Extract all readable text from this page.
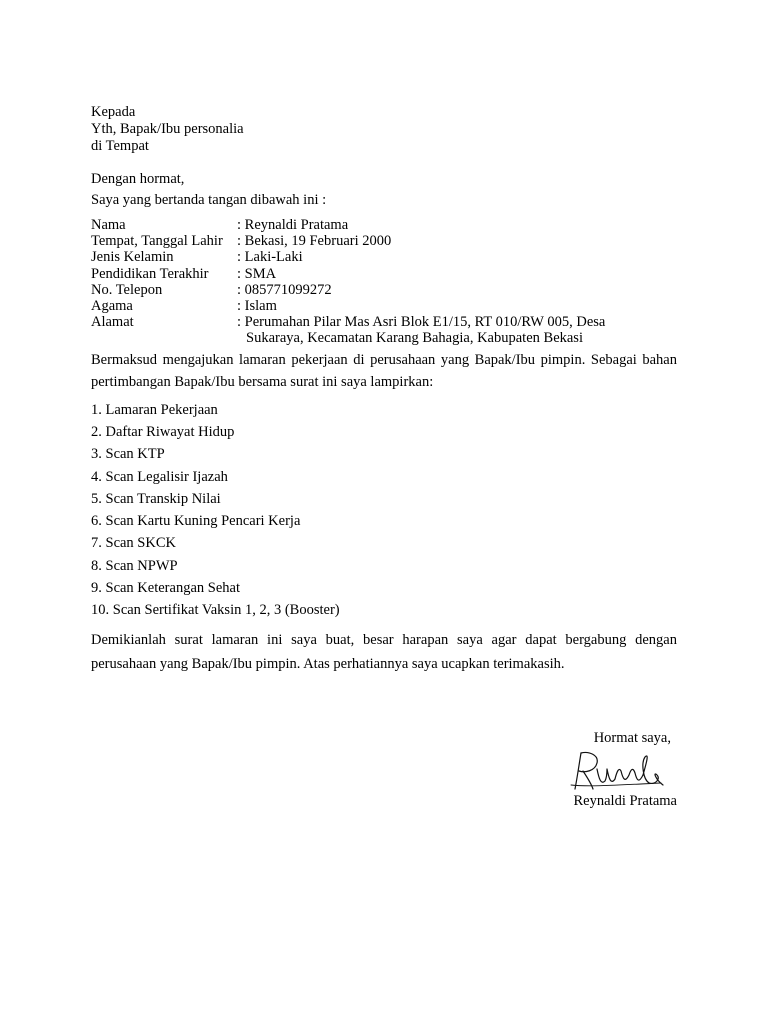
Kepada
Yth, Bapak/Ibu personalia
di Tempat
Dengan hormat,
Saya yang bertanda tangan dibawah ini :
Nama	: Reynaldi Pratama
Tempat, Tanggal Lahir	: Bekasi, 19 Februari 2000
Jenis Kelamin	: Laki-Laki
Pendidikan Terakhir	: SMA
No. Telepon	: 085771099272
Agama	: Islam
Alamat	: Perumahan Pilar Mas Asri Blok E1/15, RT 010/RW 005, Desa
Sukaraya, Kecamatan Karang Bahagia, Kabupaten Bekasi

Bermaksud mengajukan lamaran pekerjaan di perusahaan yang Bapak/Ibu pimpin. Sebagai bahan pertimbangan Bapak/Ibu bersama surat ini saya lampirkan:

1. Lamaran Pekerjaan
2. Daftar Riwayat Hidup
3. Scan KTP
4. Scan Legalisir Ijazah
5. Scan Transkip Nilai
6. Scan Kartu Kuning Pencari Kerja
7. Scan SKCK
8. Scan NPWP
9. Scan Keterangan Sehat
10. Scan Sertifikat Vaksin 1, 2, 3 (Booster)

Demikianlah surat lamaran ini saya buat, besar harapan saya agar dapat bergabung dengan perusahaan yang Bapak/Ibu pimpin. Atas perhatiannya saya ucapkan terimakasih.

Hormat saya,
Reynaldi Pratama
